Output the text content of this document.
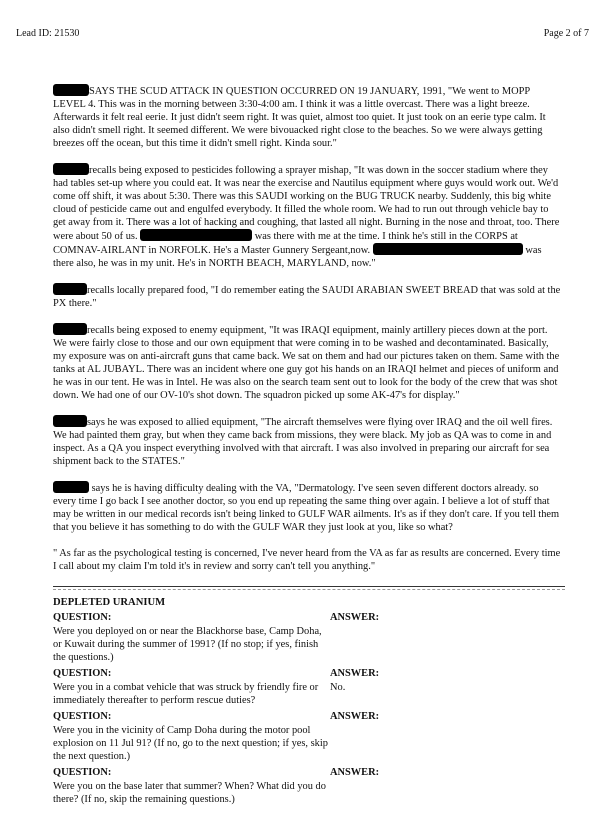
Lead ID: 21530	Page 2 of 7

SAYS THE SCUD ATTACK IN QUESTION OCCURRED ON 19 JANUARY, 1991, "We went to MOPP LEVEL 4. This was in the morning between 3:30-4:00 am. I think it was a little overcast. There was a light breeze. Afterwards it felt real eerie. It just didn't seem right. It was quiet, almost too quiet. It just took on an eerie type calm. It also didn't smell right. It seemed different. We were bivouacked right close to the beaches. So we were always getting breezes off the ocean, but this time it didn't smell right. Kinda sour."

recalls being exposed to pesticides following a sprayer mishap, "It was down in the soccer stadium where they had tables set-up where you could eat. It was near the exercise and Nautilus equipment where guys would work out. We'd come off shift, it was about 5:30. There was this SAUDI working on the BUG TRUCK nearby. Suddenly, this big white cloud of pesticide came out and engulfed everybody. It filled the whole room. We had to run out through vehicle bay to get away from it. There was a lot of hacking and coughing, that lasted all night. Burning in the nose and throat, too. There were about 50 of us.	was there with me at the time. I think he's still in the CORPS at COMNAV-AIRLANT in NORFOLK. He's a Master Gunnery Sergeant,now.	was there also, he was in my unit. He's in NORTH BEACH, MARYLAND, now."

recalls locally prepared food, "I do remember eating the SAUDI ARABIAN SWEET BREAD that was sold at the PX there."

recalls being exposed to enemy equipment, "It was IRAQI equipment, mainly artillery pieces down at the port. We were fairly close to those and our own equipment that were coming in to be washed and decontaminated. Basically, my exposure was on anti-aircraft guns that came back. We sat on them and had our pictures taken on them. Same with the tanks at AL JUBAYL. There was an incident where one guy got his hands on an IRAQI helmet and pieces of uniform and he was in our tent. He was in Intel. He was also on the search team sent out to look for the body of the crew that was shot down. We had one of our OV-10's shot down. The squadron picked up some AK-47's for display."

says he was exposed to allied equipment, "The aircraft themselves were flying over IRAQ and the oil well fires. We had painted them gray, but when they came back from missions, they were black. My job as QA was to come in and inspect. As a QA you inspect everything involved with that aircraft. I was also involved in preparing our aircraft for sea shipment back to the STATES."

says he is having difficulty dealing with the VA, "Dermatology. I've seen seven different doctors already. so every time I go back I see another doctor, so you end up repeating the same thing over again. I believe a lot of stuff that may be written in our medical records isn't being linked to GULF WAR ailments. It's as if they don't care. If you tell them that you believe it has something to do with the GULF WAR they just look at you, like so what?

" As far as the psychological testing is concerned, I've never heard from the VA as far as results are concerned. Every time I call about my claim I'm told it's in review and sorry can't tell you anything."

DEPLETED URANIUM
QUESTION:
Were you deployed on or near the Blackhorse base, Camp Doha, or Kuwait during the summer of 1991? (If no stop; if yes, finish the questions.)
ANSWER:
QUESTION:
Were you in a combat vehicle that was struck by friendly fire or immediately thereafter to perform rescue duties?
ANSWER:
No.
QUESTION:
Were you in the vicinity of Camp Doha during the motor pool explosion on 11 Jul 91? (If no, go to the next question; if yes, skip the next question.)
ANSWER:
QUESTION:
Were you on the base later that summer? When? What did you do there? (If no, skip the remaining questions.)
ANSWER:
